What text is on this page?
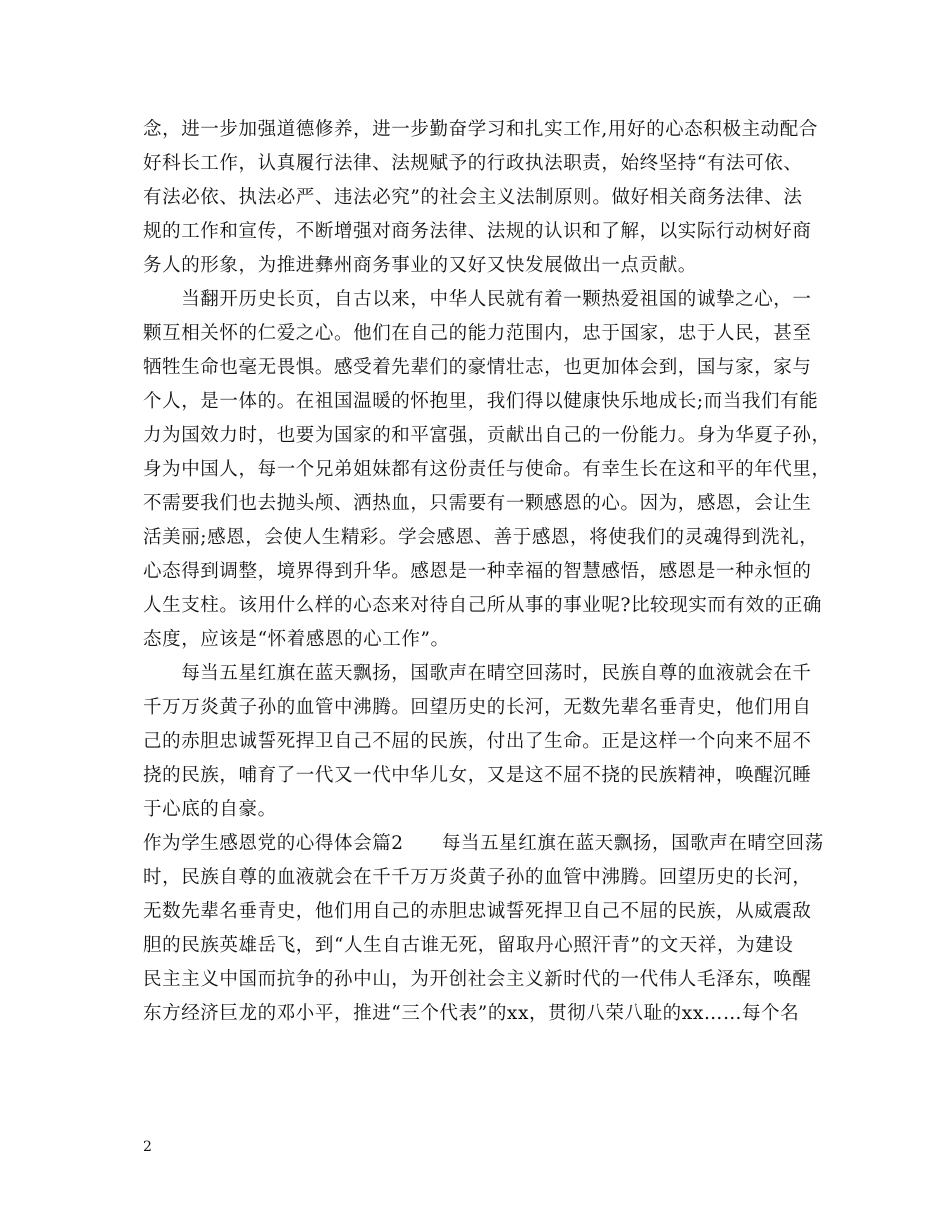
念，进一步加强道德修养，进一步勤奋学习和扎实工作,用好的心态积极主动配合
好科长工作，认真履行法律、法规赋予的行政执法职责，始终坚持“有法可依、
有法必依、执法必严、违法必究”的社会主义法制原则。做好相关商务法律、法
规的工作和宣传，不断增强对商务法律、法规的认识和了解，以实际行动树好商
务人的形象，为推进彝州商务事业的又好又快发展做出一点贡献。
　　当翻开历史长页，自古以来，中华人民就有着一颗热爱祖国的诚挚之心，一
颗互相关怀的仁爱之心。他们在自己的能力范围内，忠于国家，忠于人民，甚至
牺牲生命也毫无畏惧。感受着先辈们的豪情壮志，也更加体会到，国与家，家与
个人，是一体的。在祖国温暖的怀抱里，我们得以健康快乐地成长;而当我们有能
力为国效力时，也要为国家的和平富强，贡献出自己的一份能力。身为华夏子孙，
身为中国人，每一个兄弟姐妹都有这份责任与使命。有幸生长在这和平的年代里，
不需要我们也去抛头颅、洒热血，只需要有一颗感恩的心。因为，感恩，会让生
活美丽;感恩，会使人生精彩。学会感恩、善于感恩，将使我们的灵魂得到洗礼，
心态得到调整，境界得到升华。感恩是一种幸福的智慧感悟，感恩是一种永恒的
人生支柱。该用什么样的心态来对待自己所从事的事业呢?比较现实而有效的正确
态度，应该是“怀着感恩的心工作”。
　　每当五星红旗在蓝天飘扬，国歌声在晴空回荡时，民族自尊的血液就会在千
千万万炎黄子孙的血管中沸腾。回望历史的长河，无数先辈名垂青史，他们用自
己的赤胆忠诚誓死捍卫自己不屈的民族，付出了生命。正是这样一个向来不屈不
挠的民族，哺育了一代又一代中华儿女，又是这不屈不挠的民族精神，唤醒沉睡
于心底的自豪。
作为学生感恩党的心得体会篇2　　每当五星红旗在蓝天飘扬，国歌声在晴空回荡
时，民族自尊的血液就会在千千万万炎黄子孙的血管中沸腾。回望历史的长河，
无数先辈名垂青史，他们用自己的赤胆忠诚誓死捍卫自己不屈的民族，从威震敌
胆的民族英雄岳飞，到“人生自古谁无死，留取丹心照汗青”的文天祥，为建设
民主主义中国而抗争的孙中山，为开创社会主义新时代的一代伟人毛泽东，唤醒
东方经济巨龙的邓小平，推进“三个代表”的xx，贯彻八荣八耻的xx……每个名
2
